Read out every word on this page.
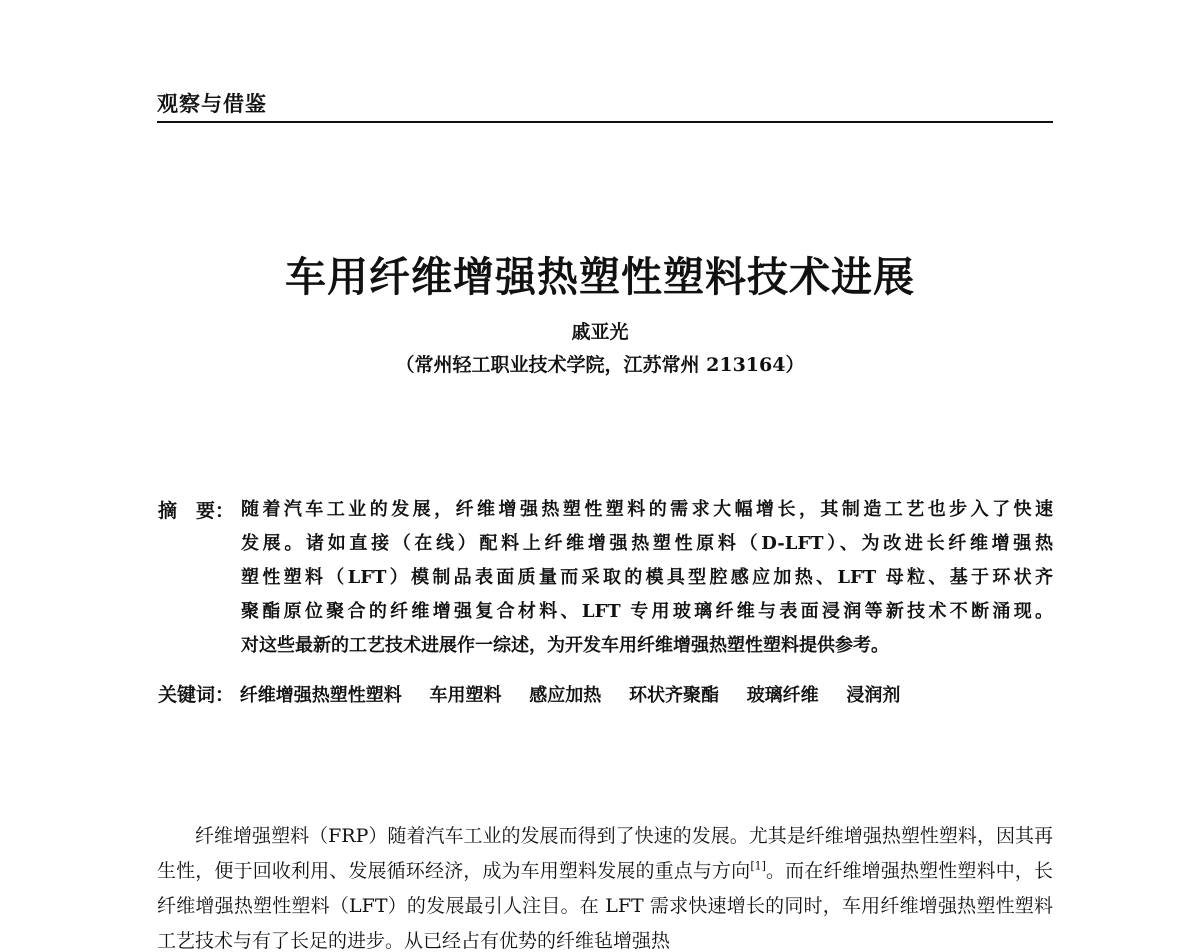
观察与借鉴
车用纤维增强热塑性塑料技术进展
戚亚光
（常州轻工职业技术学院，江苏常州 213164）
摘　要： 随着汽车工业的发展，纤维增强热塑性塑料的需求大幅增长，其制造工艺也步入了快速
发展。诸如直接（在线）配料上纤维增强热塑性原料（D-LFT）、为改进长纤维增强热
塑性塑料（LFT）模制品表面质量而采取的模具型腔感应加热、LFT 母粒、基于环状齐
聚酯原位聚合的纤维增强复合材料、LFT 专用玻璃纤维与表面浸润等新技术不断涌现。
对这些最新的工艺技术进展作一综述，为开发车用纤维增强热塑性塑料提供参考。
关键词： 纤维增强热塑性塑料 车用塑料 感应加热 环状齐聚酯 玻璃纤维 浸润剂
纤维增强塑料（FRP）随着汽车工业的发展而得到了快速的发展。尤其是纤维增强热塑性塑料，因其再生性，便于回收利用、发展循环经济，成为车用塑料发展的重点与方向[1]。而在纤维增强热塑性塑料中，长纤维增强热塑性塑料（LFT）的发展最引人注目。在 LFT 需求快速增长的同时，车用纤维增强热塑性塑料工艺技术与有了长足的进步。从已经占有优势的纤维毡增强热
